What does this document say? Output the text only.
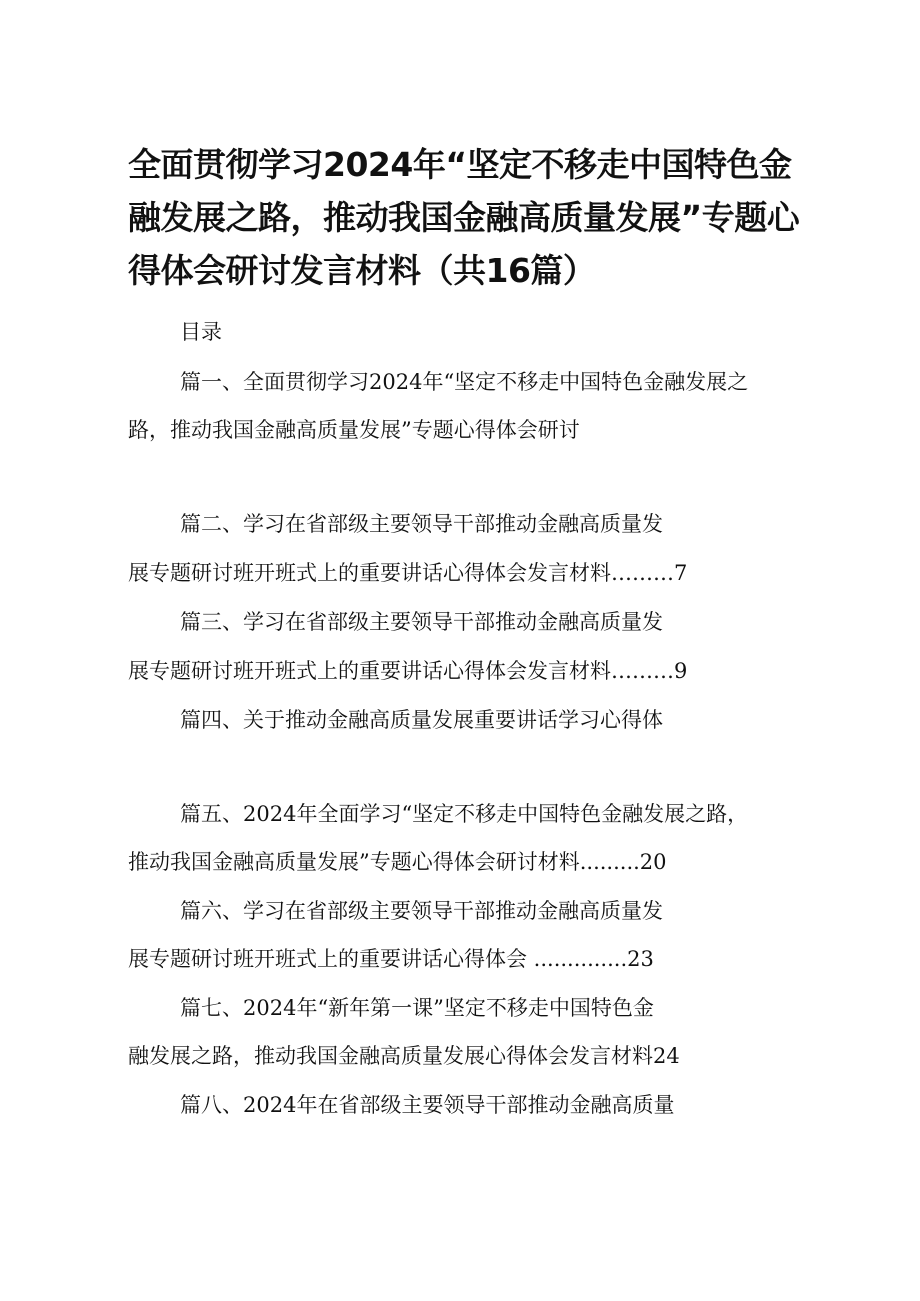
全面贯彻学习2024年“坚定不移走中国特色金
融发展之路，推动我国金融高质量发展”专题心
得体会研讨发言材料（共16篇）
目录
篇一、全面贯彻学习2024年“坚定不移走中国特色金融发展之
路，推动我国金融高质量发展”专题心得体会研讨
篇二、学习在省部级主要领导干部推动金融高质量发
展专题研讨班开班式上的重要讲话心得体会发言材料………7
篇三、学习在省部级主要领导干部推动金融高质量发
展专题研讨班开班式上的重要讲话心得体会发言材料………9
篇四、关于推动金融高质量发展重要讲话学习心得体
篇五、2024年全面学习“坚定不移走中国特色金融发展之路，
推动我国金融高质量发展”专题心得体会研讨材料.........20
篇六、学习在省部级主要领导干部推动金融高质量发
展专题研讨班开班式上的重要讲话心得体会 ..............23
篇七、2024年“新年第一课”坚定不移走中国特色金
融发展之路，推动我国金融高质量发展心得体会发言材料24
篇八、2024年在省部级主要领导干部推动金融高质量
